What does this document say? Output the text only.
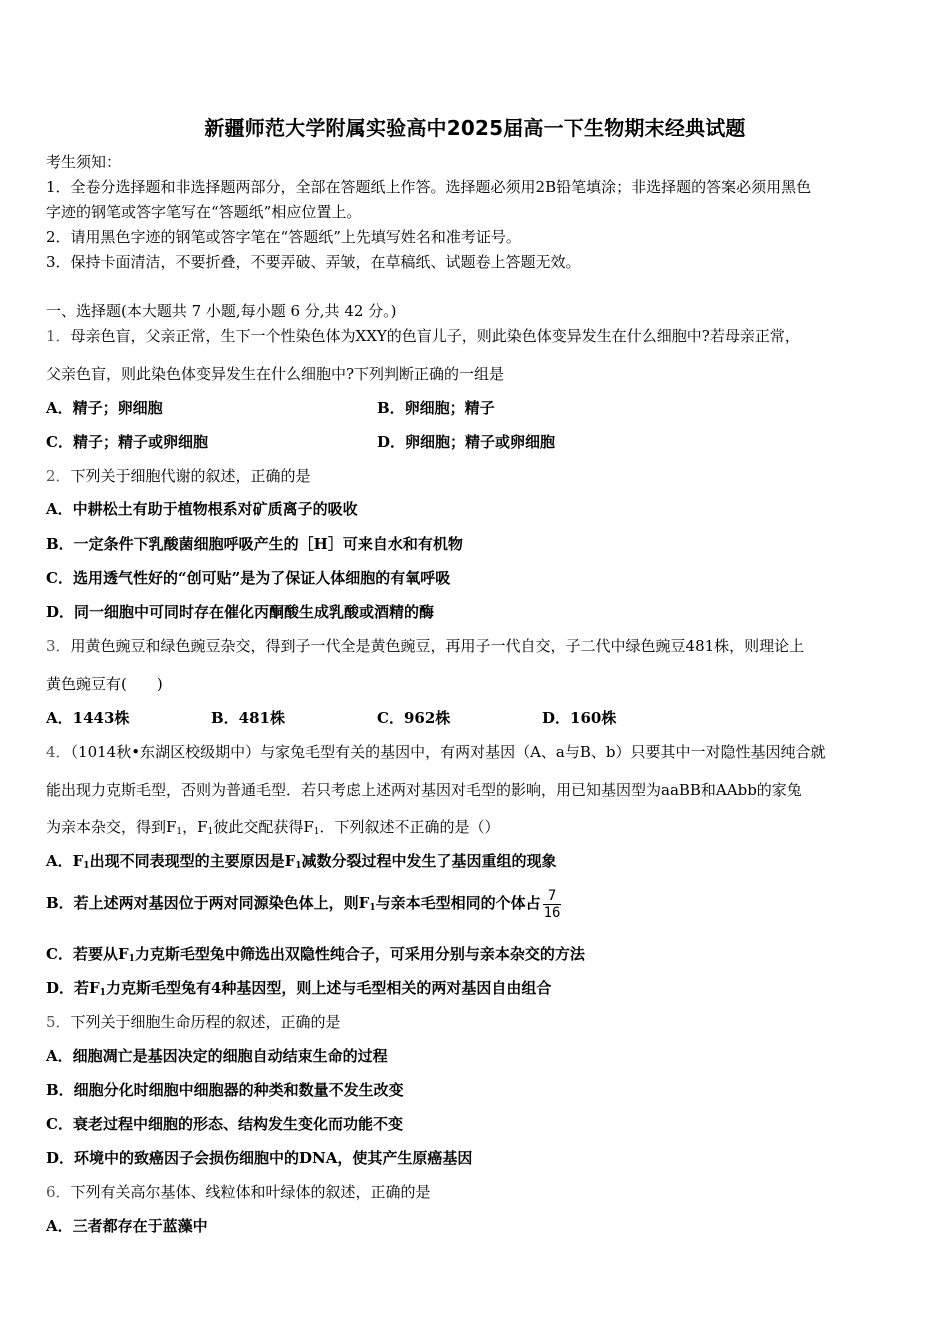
新疆师范大学附属实验高中2025届高一下生物期末经典试题
考生须知：
1．全卷分选择题和非选择题两部分，全部在答题纸上作答。选择题必须用2B铅笔填涂；非选择题的答案必须用黑色
字迹的钢笔或答字笔写在“答题纸”相应位置上。
2．请用黑色字迹的钢笔或答字笔在“答题纸”上先填写姓名和准考证号。
3．保持卡面清洁，不要折叠，不要弄破、弄皱，在草稿纸、试题卷上答题无效。
一、选择题(本大题共 7 小题,每小题 6 分,共 42 分。)
1．母亲色盲，父亲正常，生下一个性染色体为XXY的色盲儿子，则此染色体变异发生在什么细胞中?若母亲正常，
父亲色盲，则此染色体变异发生在什么细胞中?下列判断正确的一组是
A．精子；卵细胞	B．卵细胞；精子
C．精子；精子或卵细胞	D．卵细胞；精子或卵细胞
2．下列关于细胞代谢的叙述，正确的是
A．中耕松土有助于植物根系对矿质离子的吸收
B．一定条件下乳酸菌细胞呼吸产生的［H］可来自水和有机物
C．选用透气性好的“创可贴”是为了保证人体细胞的有氧呼吸
D．同一细胞中可同时存在催化丙酮酸生成乳酸或酒精的酶
3．用黄色豌豆和绿色豌豆杂交，得到子一代全是黄色豌豆，再用子一代自交，子二代中绿色豌豆481株，则理论上
黄色豌豆有(　　)
A．1443株	B．481株	C．962株	D．160株
4．（1014秋•东湖区校级期中）与家兔毛型有关的基因中，有两对基因（A、a与B、b）只要其中一对隐性基因纯合就
能出现力克斯毛型，否则为普通毛型．若只考虑上述两对基因对毛型的影响，用已知基因型为aaBB和AAbb的家兔
为亲本杂交，得到$F_1$，$F_1$彼此交配获得$F_1$．下列叙述不正确的是（）
A．$F_1$出现不同表现型的主要原因是$F_1$减数分裂过程中发生了基因重组的现象
B．若上述两对基因位于两对同源染色体上，则$F_1$与亲本毛型相同的个体占 $\frac{7}{16}$
C．若要从$F_1$力克斯毛型兔中筛选出双隐性纯合子，可采用分别与亲本杂交的方法
D．若$F_1$力克斯毛型兔有4种基因型，则上述与毛型相关的两对基因自由组合
5．下列关于细胞生命历程的叙述，正确的是
A．细胞凋亡是基因决定的细胞自动结束生命的过程
B．细胞分化时细胞中细胞器的种类和数量不发生改变
C．衰老过程中细胞的形态、结构发生变化而功能不变
D．环境中的致癌因子会损伤细胞中的DNA，使其产生原癌基因
6．下列有关高尔基体、线粒体和叶绿体的叙述，正确的是
A．三者都存在于蓝藻中
